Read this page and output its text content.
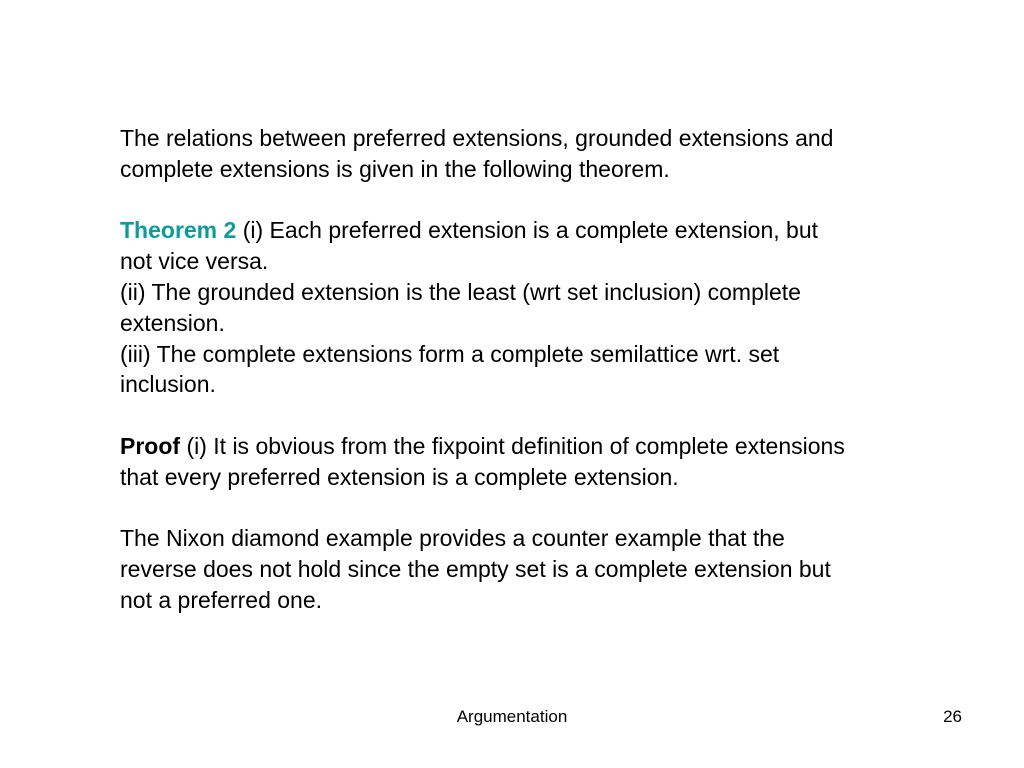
The relations between preferred extensions, grounded extensions and
complete extensions is given in the following theorem.

Theorem 2 (i) Each preferred extension is a complete extension, but
not vice versa.
(ii) The grounded extension is the least (wrt set inclusion) complete
extension.
(iii) The complete extensions form a complete semilattice wrt. set
inclusion.

Proof (i) It is obvious from the fixpoint definition of complete extensions
that every preferred extension is a complete extension.

The Nixon diamond example provides a counter example that the
reverse does not hold since the empty set is a complete extension but
not a preferred one.

Argumentation	26
